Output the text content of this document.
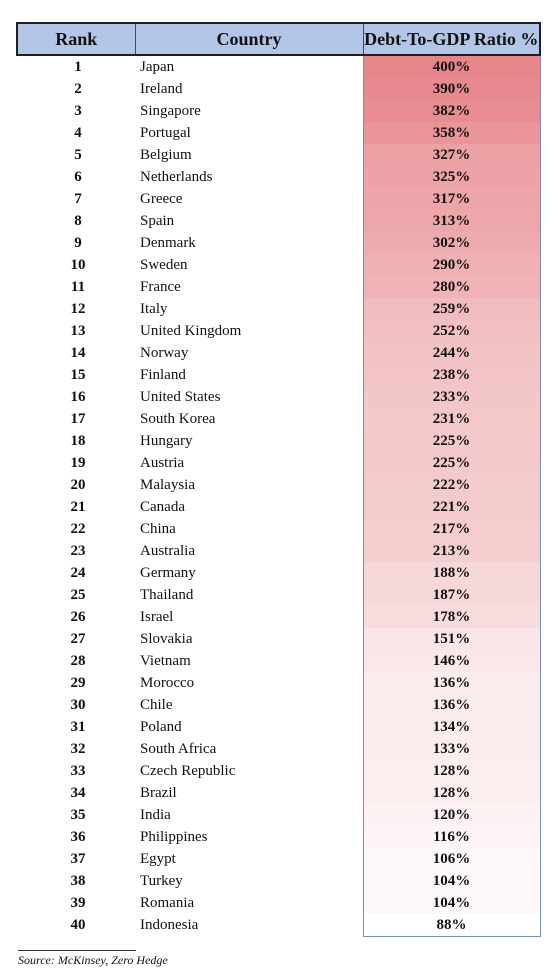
Rank	Country	Debt-To-GDP Ratio %
1	Japan	400%
2	Ireland	390%
3	Singapore	382%
4	Portugal	358%
5	Belgium	327%
6	Netherlands	325%
7	Greece	317%
8	Spain	313%
9	Denmark	302%
10	Sweden	290%
11	France	280%
12	Italy	259%
13	United Kingdom	252%
14	Norway	244%
15	Finland	238%
16	United States	233%
17	South Korea	231%
18	Hungary	225%
19	Austria	225%
20	Malaysia	222%
21	Canada	221%
22	China	217%
23	Australia	213%
24	Germany	188%
25	Thailand	187%
26	Israel	178%
27	Slovakia	151%
28	Vietnam	146%
29	Morocco	136%
30	Chile	136%
31	Poland	134%
32	South Africa	133%
33	Czech Republic	128%
34	Brazil	128%
35	India	120%
36	Philippines	116%
37	Egypt	106%
38	Turkey	104%
39	Romania	104%
40	Indonesia	88%
Source: McKinsey, Zero Hedge
